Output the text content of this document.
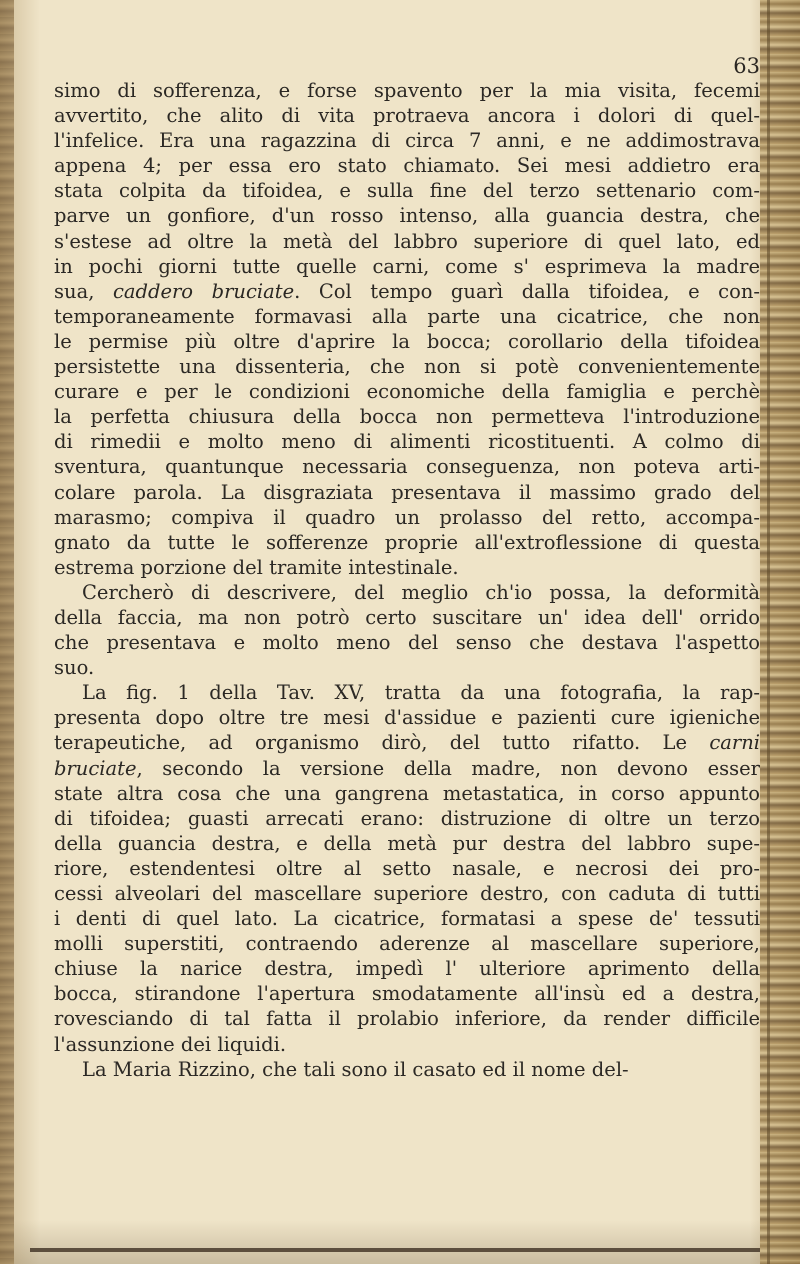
63

simo di sofferenza, e forse spavento per la mia visita, fecemi
avvertito, che alito di vita protraeva ancora i dolori di quel-
l'infelice. Era una ragazzina di circa 7 anni, e ne addimostrava
appena 4; per essa ero stato chiamato. Sei mesi addietro era
stata colpita da tifoidea, e sulla fine del terzo settenario com-
parve un gonfiore, d'un rosso intenso, alla guancia destra, che
s'estese ad oltre la metà del labbro superiore di quel lato, ed
in pochi giorni tutte quelle carni, come s' esprimeva la madre
sua, caddero bruciate. Col tempo guarì dalla tifoidea, e con-
temporaneamente formavasi alla parte una cicatrice, che non
le permise più oltre d'aprire la bocca; corollario della tifoidea
persistette una dissenteria, che non si potè convenientemente
curare e per le condizioni economiche della famiglia e perchè
la perfetta chiusura della bocca non permetteva l'introduzione
di rimedii e molto meno di alimenti ricostituenti. A colmo di
sventura, quantunque necessaria conseguenza, non poteva arti-
colare parola. La disgraziata presentava il massimo grado del
marasmo; compiva il quadro un prolasso del retto, accompa-
gnato da tutte le sofferenze proprie all'extroflessione di questa
estrema porzione del tramite intestinale.
Cercherò di descrivere, del meglio ch'io possa, la deformità
della faccia, ma non potrò certo suscitare un' idea dell' orrido
che presentava e molto meno del senso che destava l'aspetto
suo.
La fig. 1 della Tav. XV, tratta da una fotografia, la rap-
presenta dopo oltre tre mesi d'assidue e pazienti cure igieniche
terapeutiche, ad organismo dirò, del tutto rifatto. Le carni
bruciate, secondo la versione della madre, non devono esser
state altra cosa che una gangrena metastatica, in corso appunto
di tifoidea; guasti arrecati erano: distruzione di oltre un terzo
della guancia destra, e della metà pur destra del labbro supe-
riore, estendentesi oltre al setto nasale, e necrosi dei pro-
cessi alveolari del mascellare superiore destro, con caduta di tutti
i denti di quel lato. La cicatrice, formatasi a spese de' tessuti
molli superstiti, contraendo aderenze al mascellare superiore,
chiuse la narice destra, impedì l' ulteriore aprimento della
bocca, stirandone l'apertura smodatamente all'insù ed a destra,
rovesciando di tal fatta il prolabio inferiore, da render difficile
l'assunzione dei liquidi.
La Maria Rizzino, che tali sono il casato ed il nome del-
